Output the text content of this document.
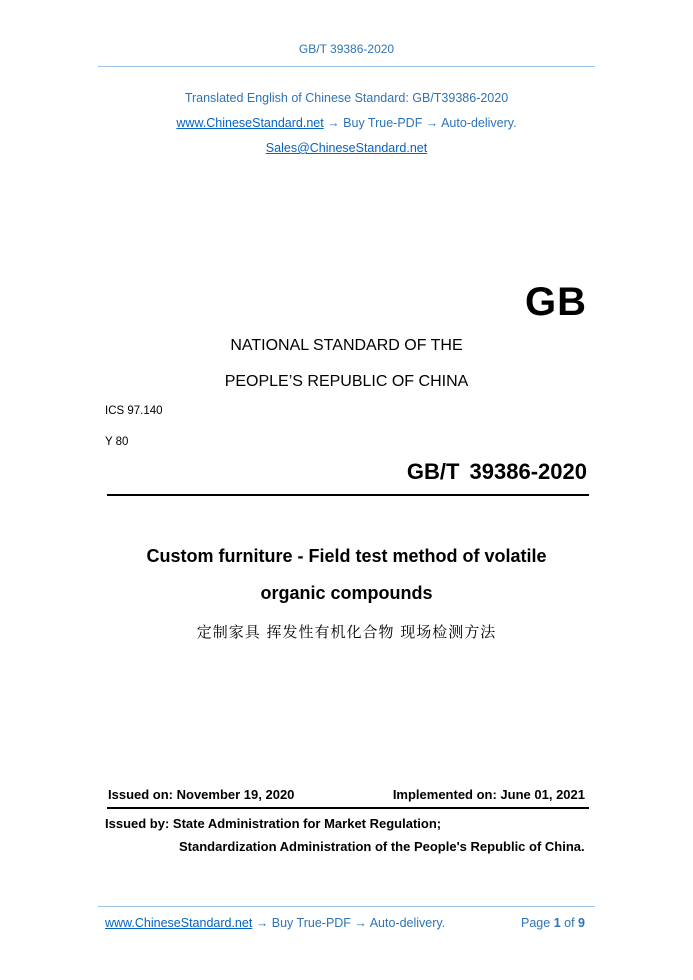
GB/T 39386-2020
Translated English of Chinese Standard: GB/T39386-2020
www.ChineseStandard.net → Buy True-PDF → Auto-delivery.
Sales@ChineseStandard.net
GB
NATIONAL STANDARD OF THE
PEOPLE’S REPUBLIC OF CHINA
ICS 97.140
Y 80
GB/T 39386-2020
Custom furniture - Field test method of volatile
organic compounds
定制家具 挥发性有机化合物 现场检测方法
Issued on: November 19, 2020	Implemented on: June 01, 2021
Issued by: State Administration for Market Regulation;
Standardization Administration of the People's Republic of China.
www.ChineseStandard.net → Buy True-PDF → Auto-delivery.	Page 1 of 9
